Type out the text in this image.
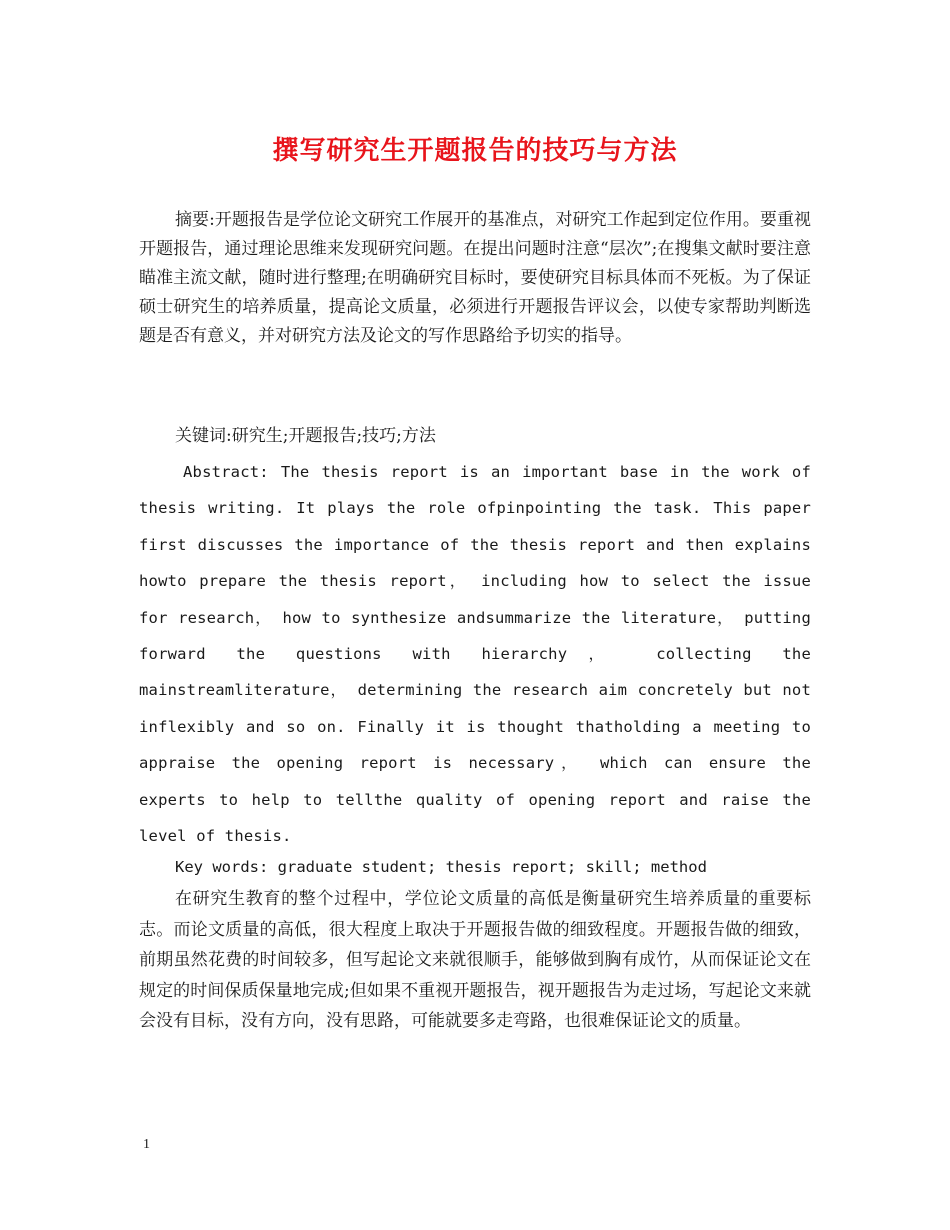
撰写研究生开题报告的技巧与方法
摘要:开题报告是学位论文研究工作展开的基准点，对研究工作起到定位作用。要重视开题报告，通过理论思维来发现研究问题。在提出问题时注意“层次”;在搜集文献时要注意瞄准主流文献，随时进行整理;在明确研究目标时，要使研究目标具体而不死板。为了保证硕士研究生的培养质量，提高论文质量，必须进行开题报告评议会，以使专家帮助判断选题是否有意义，并对研究方法及论文的写作思路给予切实的指导。
关键词:研究生;开题报告;技巧;方法
Abstract: The thesis report is an important base in the work of thesis writing. It plays the role ofpinpointing the task. This paper first discusses the importance of the thesis report and then explains howto prepare the thesis report， including how to select the issue for research， how to synthesize andsummarize the literature， putting forward the questions with hierarchy， collecting the mainstreamliterature， determining the research aim concretely but not inflexibly and so on. Finally it is thought thatholding a meeting to appraise the opening report is necessary， which can ensure the experts to help to tellthe quality of opening report and raise the level of thesis.
Key words: graduate student; thesis report; skill; method
在研究生教育的整个过程中，学位论文质量的高低是衡量研究生培养质量的重要标志。而论文质量的高低，很大程度上取决于开题报告做的细致程度。开题报告做的细致，前期虽然花费的时间较多，但写起论文来就很顺手，能够做到胸有成竹，从而保证论文在规定的时间保质保量地完成;但如果不重视开题报告，视开题报告为走过场，写起论文来就会没有目标，没有方向，没有思路，可能就要多走弯路，也很难保证论文的质量。
1
